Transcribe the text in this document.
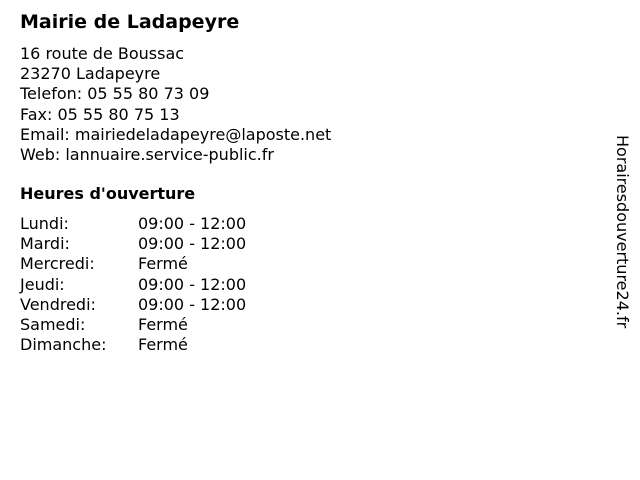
Mairie de Ladapeyre
16 route de Boussac
23270 Ladapeyre
Telefon: 05 55 80 73 09
Fax: 05 55 80 75 13
Email: mairiedeladapeyre@laposte.net
Web: lannuaire.service-public.fr
Heures d'ouverture
Lundi:	09:00 - 12:00
Mardi:	09:00 - 12:00
Mercredi:	Fermé
Jeudi:	09:00 - 12:00
Vendredi:	09:00 - 12:00
Samedi:	Fermé
Dimanche:	Fermé
Horairesdouverture24.fr
